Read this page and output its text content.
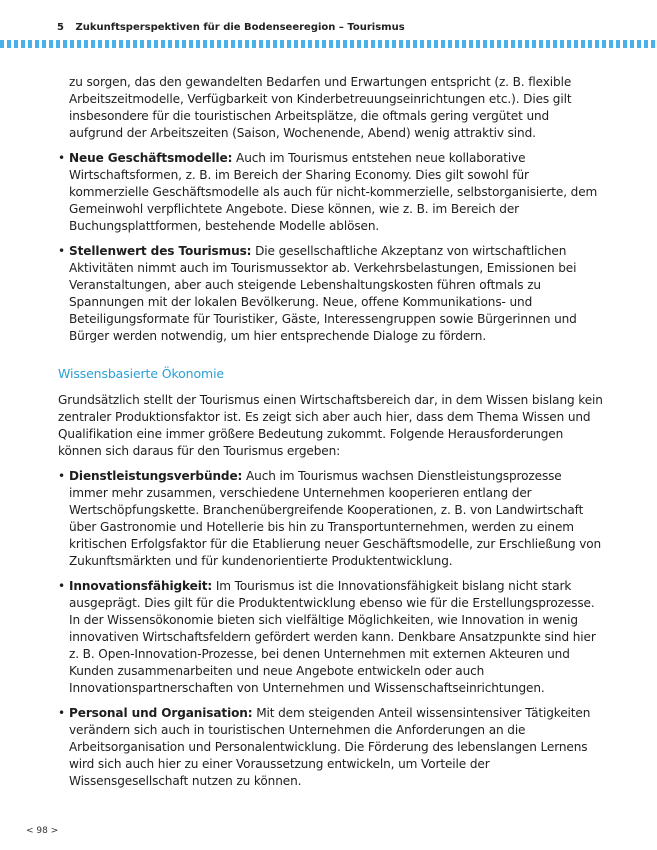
5 Zukunftsperspektiven für die Bodenseeregion – Tourismus

zu sorgen, das den gewandelten Bedarfen und Erwartungen entspricht (z. B. flexible Arbeitszeitmodelle, Verfügbarkeit von Kinderbetreuungseinrichtungen etc.). Dies gilt insbesondere für die touristischen Arbeitsplätze, die oftmals gering vergütet und aufgrund der Arbeitszeiten (Saison, Wochenende, Abend) wenig attraktiv sind.

• Neue Geschäftsmodelle: Auch im Tourismus entstehen neue kollaborative Wirtschaftsformen, z. B. im Bereich der Sharing Economy. Dies gilt sowohl für kommerzielle Geschäftsmodelle als auch für nicht-kommerzielle, selbstorganisierte, dem Gemeinwohl verpflichtete Angebote. Diese können, wie z. B. im Bereich der Buchungsplattformen, bestehende Modelle ablösen.
• Stellenwert des Tourismus: Die gesellschaftliche Akzeptanz von wirtschaftlichen Aktivitäten nimmt auch im Tourismussektor ab. Verkehrsbelastungen, Emissionen bei Veranstaltungen, aber auch steigende Lebenshaltungskosten führen oftmals zu Spannungen mit der lokalen Bevölkerung. Neue, offene Kommunikations- und Beteiligungsformate für Touristiker, Gäste, Interessengruppen sowie Bürgerinnen und Bürger werden notwendig, um hier entsprechende Dialoge zu fördern.
Wissensbasierte Ökonomie

Grundsätzlich stellt der Tourismus einen Wirtschaftsbereich dar, in dem Wissen bislang kein zentraler Produktionsfaktor ist. Es zeigt sich aber auch hier, dass dem Thema Wissen und Qualifikation eine immer größere Bedeutung zukommt. Folgende Herausforderungen können sich daraus für den Tourismus ergeben:

• Dienstleistungsverbünde: Auch im Tourismus wachsen Dienstleistungsprozesse immer mehr zusammen, verschiedene Unternehmen kooperieren entlang der Wertschöpfungskette. Branchenübergreifende Kooperationen, z. B. von Landwirtschaft über Gastronomie und Hotellerie bis hin zu Transportunternehmen, werden zu einem kritischen Erfolgsfaktor für die Etablierung neuer Geschäftsmodelle, zur Erschließung von Zukunftsmärkten und für kundenorientierte Produktentwicklung.
• Innovationsfähigkeit: Im Tourismus ist die Innovationsfähigkeit bislang nicht stark ausgeprägt. Dies gilt für die Produktentwicklung ebenso wie für die Erstellungsprozesse. In der Wissensökonomie bieten sich vielfältige Möglichkeiten, wie Innovation in wenig innovativen Wirtschaftsfeldern gefördert werden kann. Denkbare Ansatzpunkte sind hier z. B. Open-Innovation-Prozesse, bei denen Unternehmen mit externen Akteuren und Kunden zusammenarbeiten und neue Angebote entwickeln oder auch Innovationspartnerschaften von Unternehmen und Wissenschaftseinrichtungen.
• Personal und Organisation: Mit dem steigenden Anteil wissensintensiver Tätigkeiten verändern sich auch in touristischen Unternehmen die Anforderungen an die Arbeitsorganisation und Personalentwicklung. Die Förderung des lebenslangen Lernens wird sich auch hier zu einer Voraussetzung entwickeln, um Vorteile der Wissensgesellschaft nutzen zu können.
< 98 >
